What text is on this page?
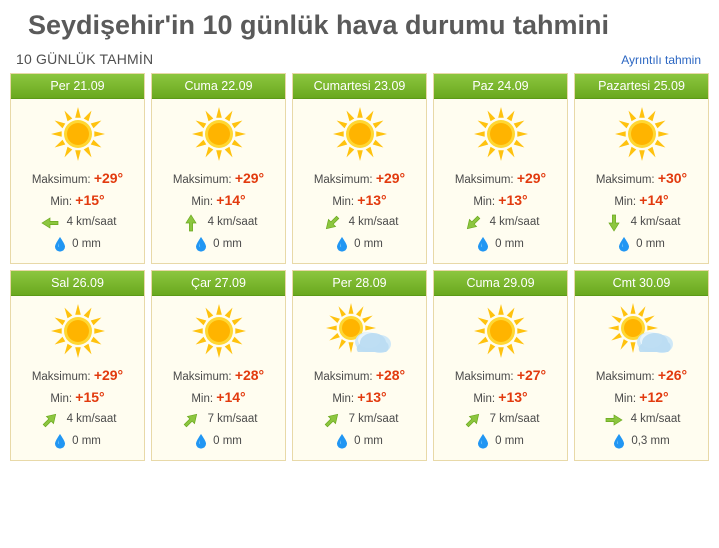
Seydişehir'in 10 günlük hava durumu tahmini
10 GÜNLÜK TAHMİN	Ayrıntılı tahmin
Per 21.09
Maksimum: +29°
Min: +15°
4 km/saat
0 mm
Cuma 22.09
Maksimum: +29°
Min: +14°
4 km/saat
0 mm
Cumartesi 23.09
Maksimum: +29°
Min: +13°
4 km/saat
0 mm
Paz 24.09
Maksimum: +29°
Min: +13°
4 km/saat
0 mm
Pazartesi 25.09
Maksimum: +30°
Min: +14°
4 km/saat
0 mm
Sal 26.09
Maksimum: +29°
Min: +15°
4 km/saat
0 mm
Çar 27.09
Maksimum: +28°
Min: +14°
7 km/saat
0 mm
Per 28.09
Maksimum: +28°
Min: +13°
7 km/saat
0 mm
Cuma 29.09
Maksimum: +27°
Min: +13°
7 km/saat
0 mm
Cmt 30.09
Maksimum: +26°
Min: +12°
4 km/saat
0,3 mm
